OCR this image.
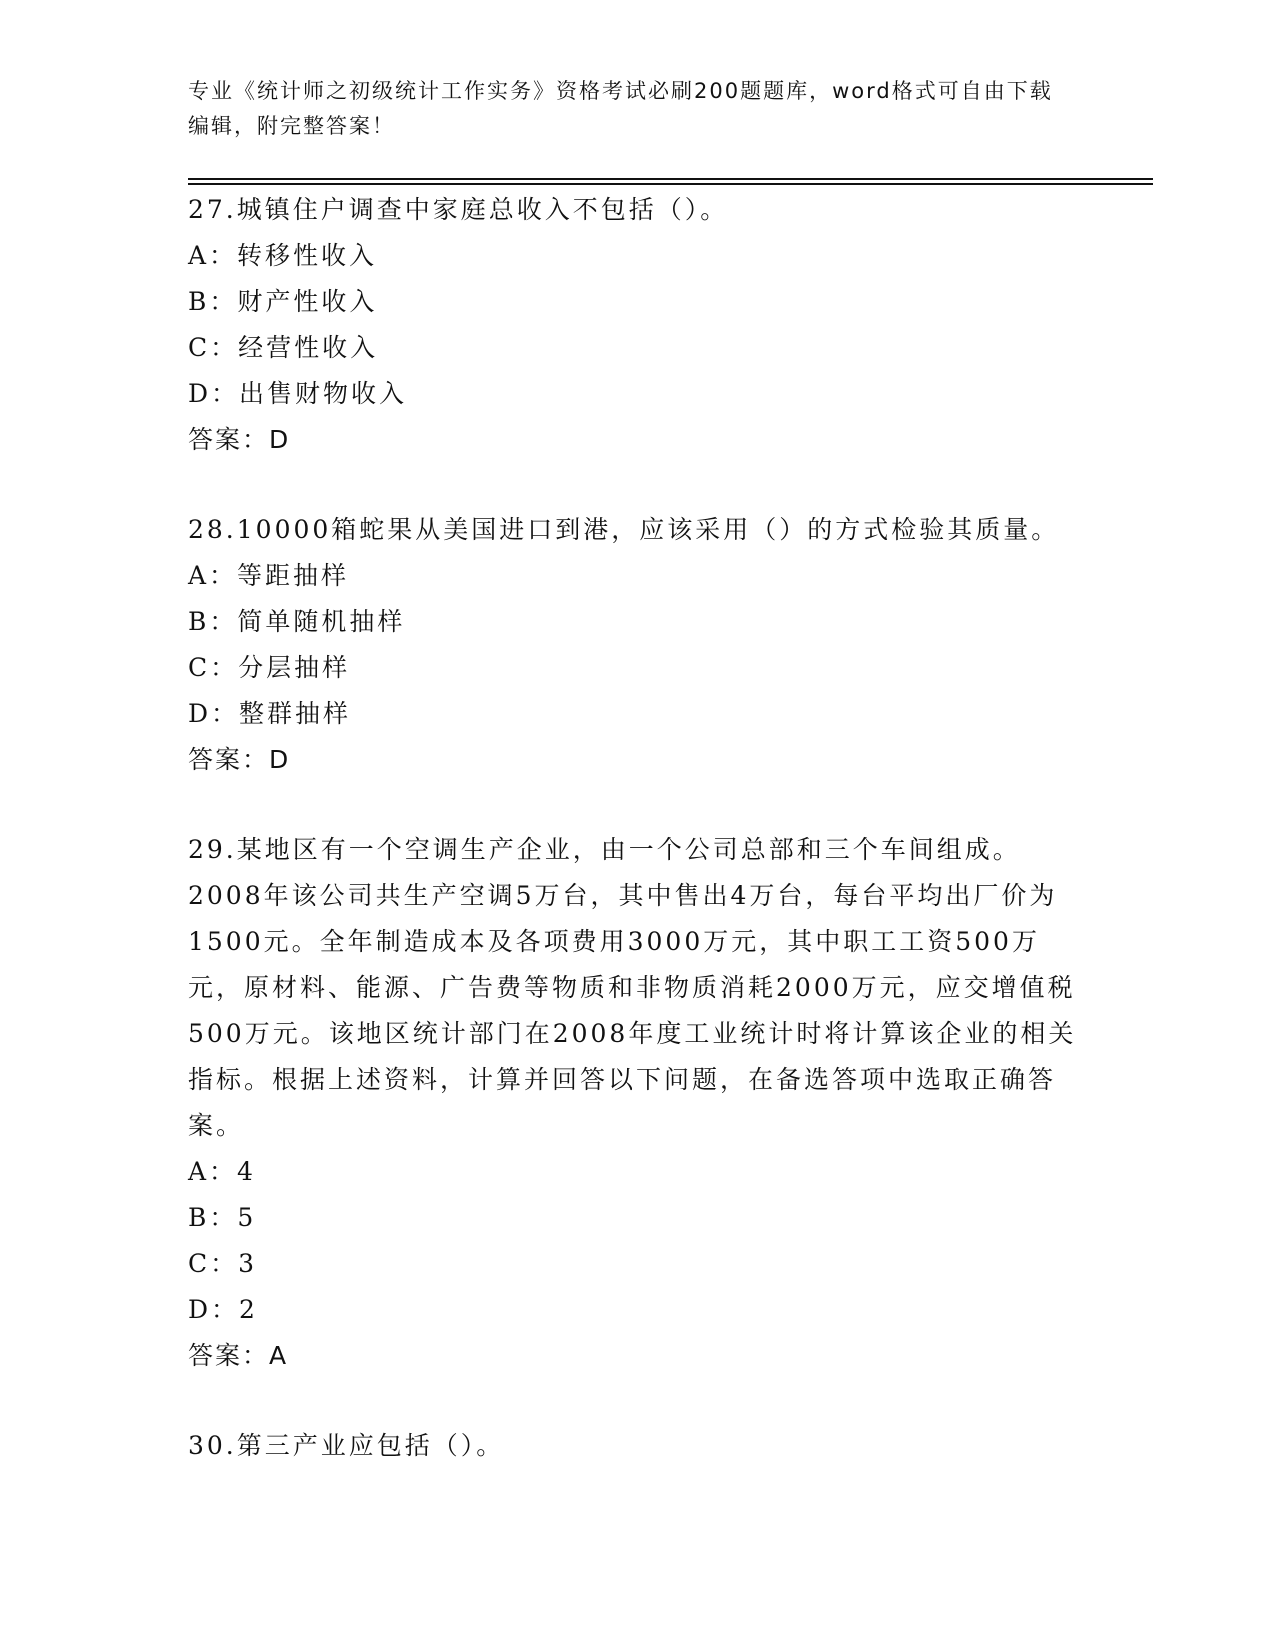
专业《统计师之初级统计工作实务》资格考试必刷200题题库，word格式可自由下载编辑，附完整答案！

27.城镇住户调查中家庭总收入不包括（）。

A：转移性收入

B：财产性收入

C：经营性收入

D：出售财物收入

答案：D

28.10000箱蛇果从美国进口到港，应该采用（）的方式检验其质量。

A：等距抽样

B：简单随机抽样

C：分层抽样

D：整群抽样

答案：D

29.某地区有一个空调生产企业，由一个公司总部和三个车间组成。2008年该公司共生产空调5万台，其中售出4万台，每台平均出厂价为1500元。全年制造成本及各项费用3000万元，其中职工工资500万元，原材料、能源、广告费等物质和非物质消耗2000万元，应交增值税500万元。该地区统计部门在2008年度工业统计时将计算该企业的相关指标。根据上述资料，计算并回答以下问题，在备选答项中选取正确答案。

A：4

B：5

C：3

D：2

答案：A

30.第三产业应包括（）。
